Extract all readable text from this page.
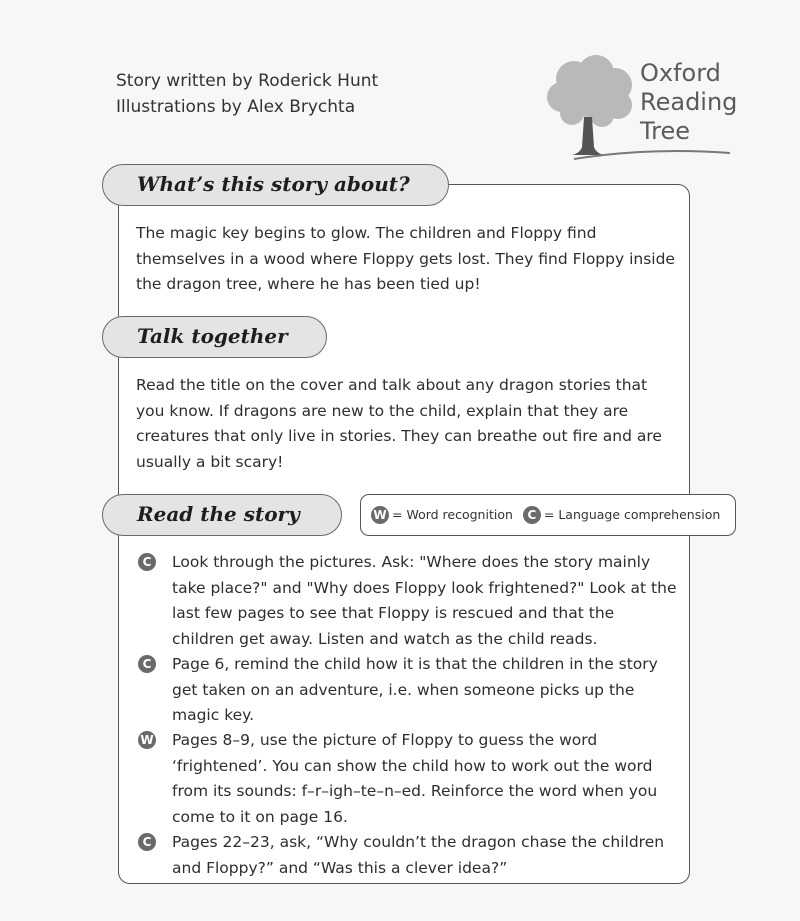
Story written by Roderick Hunt
Illustrations by Alex Brychta
Oxford
Reading
Tree
What’s this story about?
The magic key begins to glow. The children and Floppy find themselves in a wood where Floppy gets lost. They find Floppy inside the dragon tree, where he has been tied up!
Talk together
Read the title on the cover and talk about any dragon stories that you know. If dragons are new to the child, explain that they are creatures that only live in stories. They can breathe out fire and are usually a bit scary!
Read the story	W = Word recognition C = Language comprehension
C Look through the pictures. Ask: "Where does the story mainly take place?" and "Why does Floppy look frightened?" Look at the last few pages to see that Floppy is rescued and that the children get away. Listen and watch as the child reads.
C Page 6, remind the child how it is that the children in the story get taken on an adventure, i.e. when someone picks up the magic key.
W Pages 8–9, use the picture of Floppy to guess the word ‘frightened’. You can show the child how to work out the word from its sounds: f–r–igh–te–n–ed. Reinforce the word when you come to it on page 16.
C Pages 22–23, ask, “Why couldn’t the dragon chase the children and Floppy?” and “Was this a clever idea?”
